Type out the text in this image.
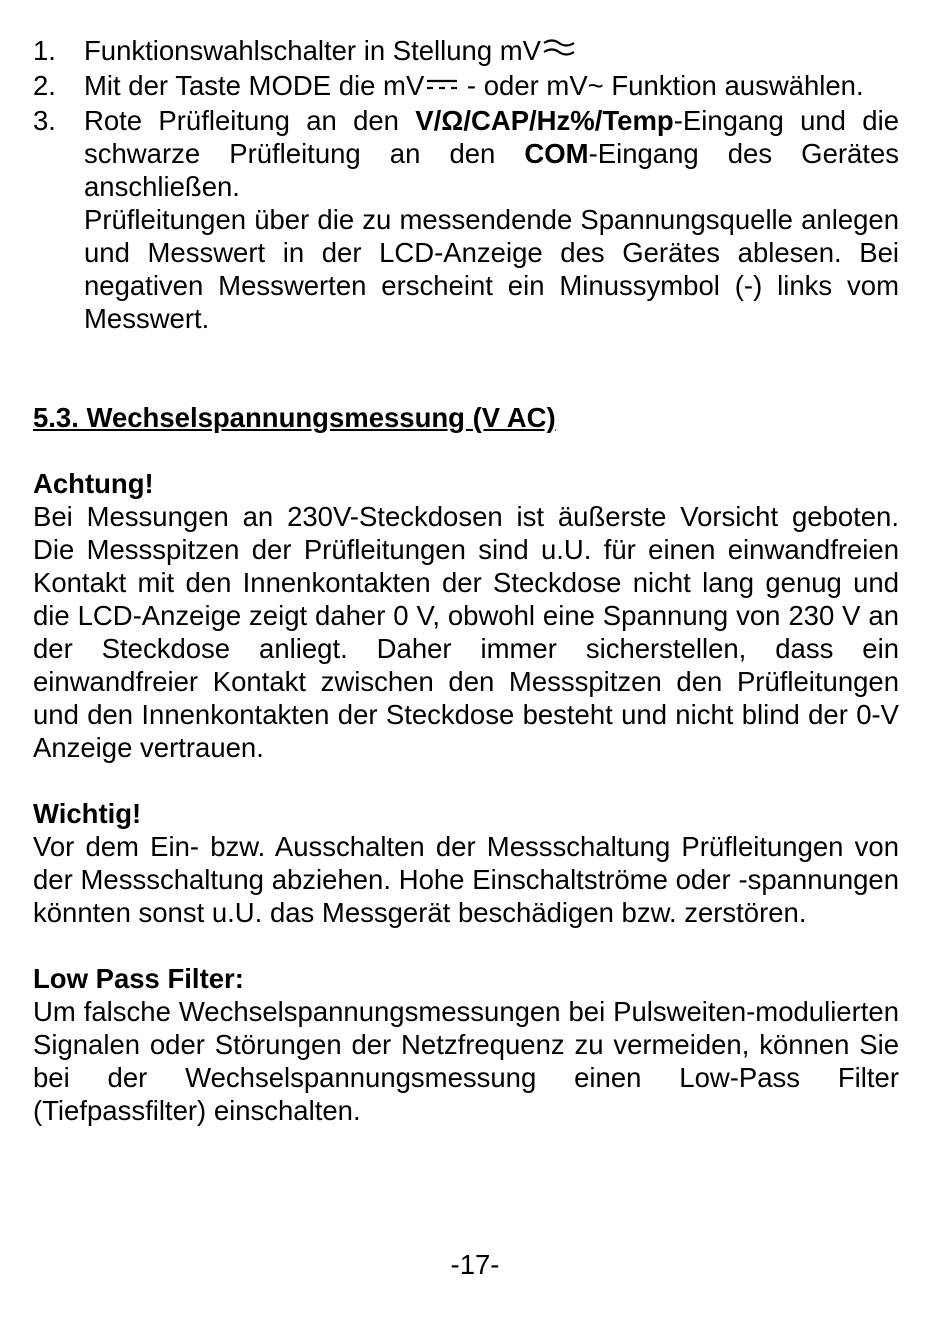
1. Funktionswahlschalter in Stellung mV
2. Mit der Taste MODE die mV - oder mV~ Funktion auswählen.
3. Rote Prüfleitung an den V/Ω/CAP/Hz%/Temp-Eingang und die schwarze Prüfleitung an den COM-Eingang des Gerätes anschließen.
Prüfleitungen über die zu messendende Spannungsquelle anlegen und Messwert in der LCD-Anzeige des Gerätes ablesen. Bei negativen Messwerten erscheint ein Minussymbol (-) links vom Messwert.
5.3. Wechselspannungsmessung (V AC)
Achtung!
Bei Messungen an 230V-Steckdosen ist äußerste Vorsicht geboten. Die Messspitzen der Prüfleitungen sind u.U. für einen einwandfreien Kontakt mit den Innenkontakten der Steckdose nicht lang genug und die LCD-Anzeige zeigt daher 0 V, obwohl eine Spannung von 230 V an der Steckdose anliegt. Daher immer sicherstellen, dass ein einwandfreier Kontakt zwischen den Messspitzen den Prüfleitungen und den Innenkontakten der Steckdose besteht und nicht blind der 0-V Anzeige vertrauen.
Wichtig!
Vor dem Ein- bzw. Ausschalten der Messschaltung Prüfleitungen von der Messschaltung abziehen. Hohe Einschaltströme oder -spannungen könnten sonst u.U. das Messgerät beschädigen bzw. zerstören.
Low Pass Filter:
Um falsche Wechselspannungsmessungen bei Pulsweiten-modulierten Signalen oder Störungen der Netzfrequenz zu vermeiden, können Sie bei der Wechselspannungsmessung einen Low-Pass Filter (Tiefpassfilter) einschalten.
-17-
